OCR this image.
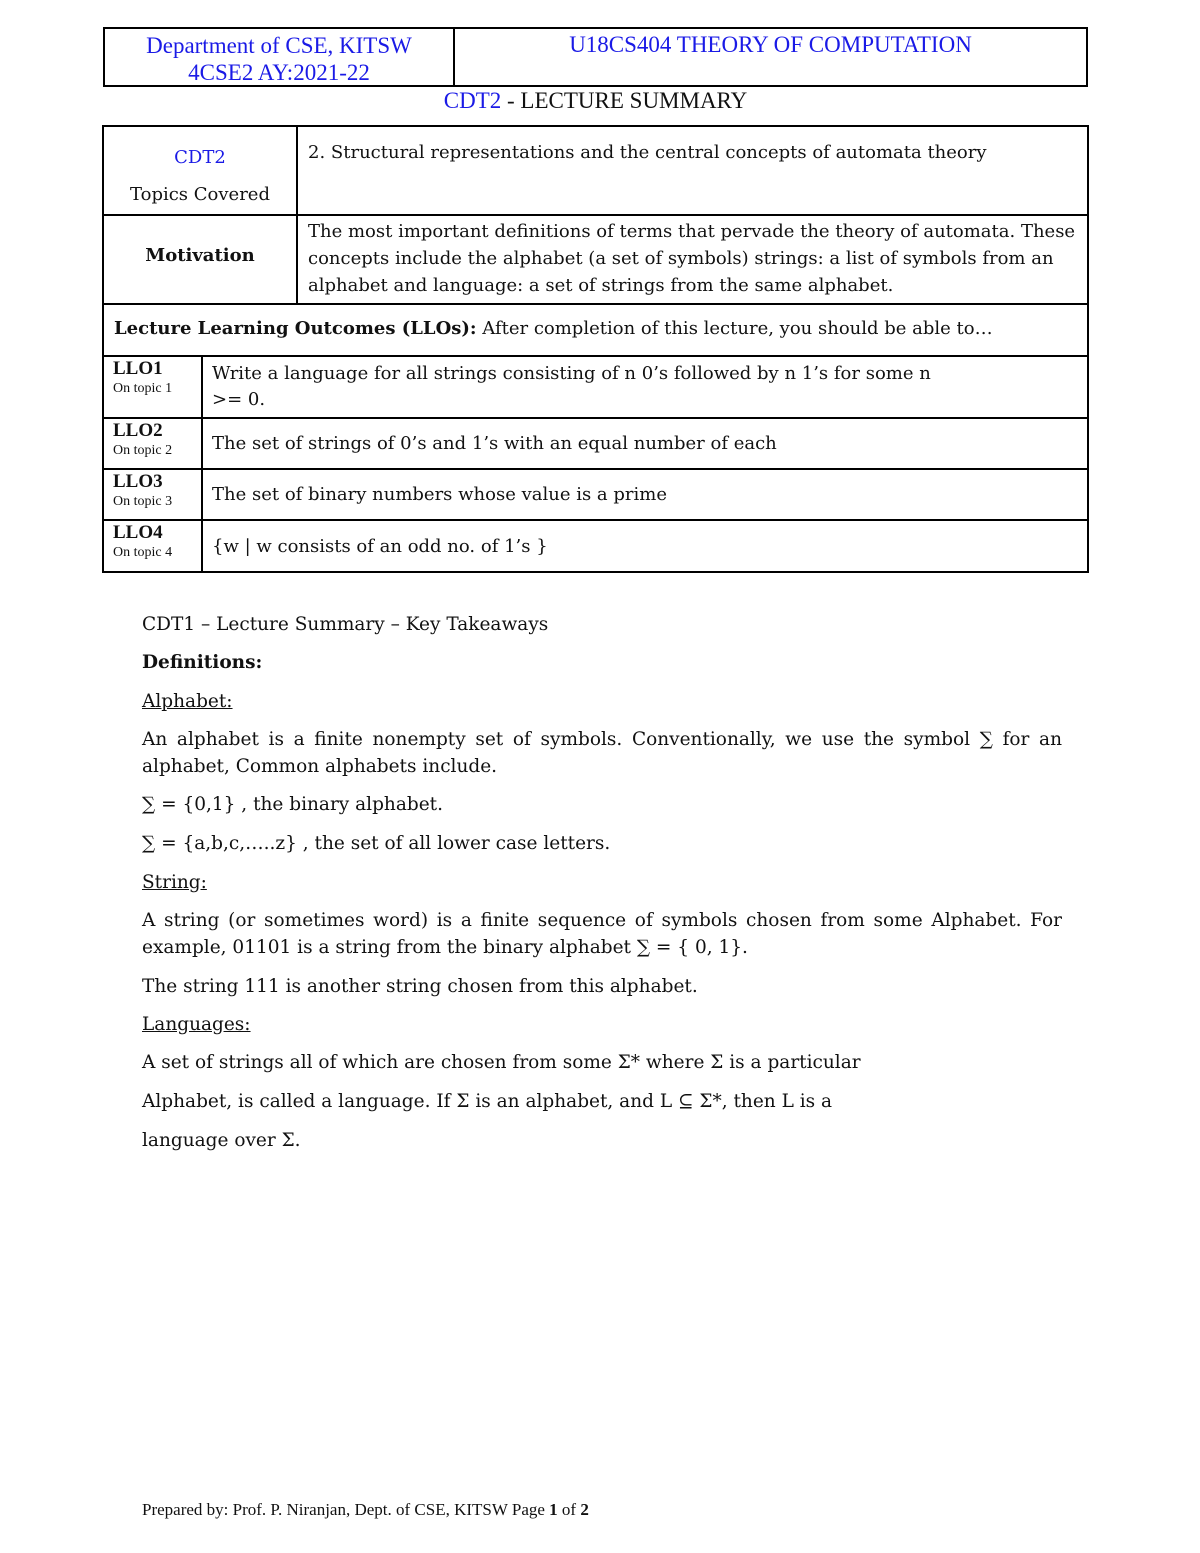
Department of CSE, KITSW
4CSE2 AY:2021-22
U18CS404 THEORY OF COMPUTATION
CDT2 - LECTURE SUMMARY
CDT2
Topics Covered		2. Structural representations and the central concepts of automata theory
Motivation		The most important definitions of terms that pervade the theory of automata. These concepts include the alphabet (a set of symbols) strings: a list of symbols from an alphabet and language: a set of strings from the same alphabet.
Lecture Learning Outcomes (LLOs): After completion of this lecture, you should be able to…		

LLO1
On topic 1	Write a language for all strings consisting of n 0’s followed by n 1’s for some n >= 0.	

LLO2
On topic 2	The set of strings of 0’s and 1’s with an equal number of each	

LLO3
On topic 3	The set of binary numbers whose value is a prime	

LLO4
On topic 4	{w | w consists of an odd no. of 1’s }	
CDT1 – Lecture Summary – Key Takeaways
Definitions:
Alphabet:
An alphabet is a finite nonempty set of symbols. Conventionally, we use the symbol ∑ for an alphabet, Common alphabets include.
∑ = {0,1} , the binary alphabet.
∑ = {a,b,c,…..z} , the set of all lower case letters.
String:
A string (or sometimes word) is a finite sequence of symbols chosen from some Alphabet. For example, 01101 is a string from the binary alphabet ∑ = { 0, 1}.
The string 111 is another string chosen from this alphabet.
Languages:
A set of strings all of which are chosen from some Σ* where Σ is a particular
Alphabet, is called a language. If Σ is an alphabet, and L ⊆ Σ*, then L is a
language over Σ.
Prepared by: Prof. P. Niranjan, Dept. of CSE, KITSW Page 1 of 2
